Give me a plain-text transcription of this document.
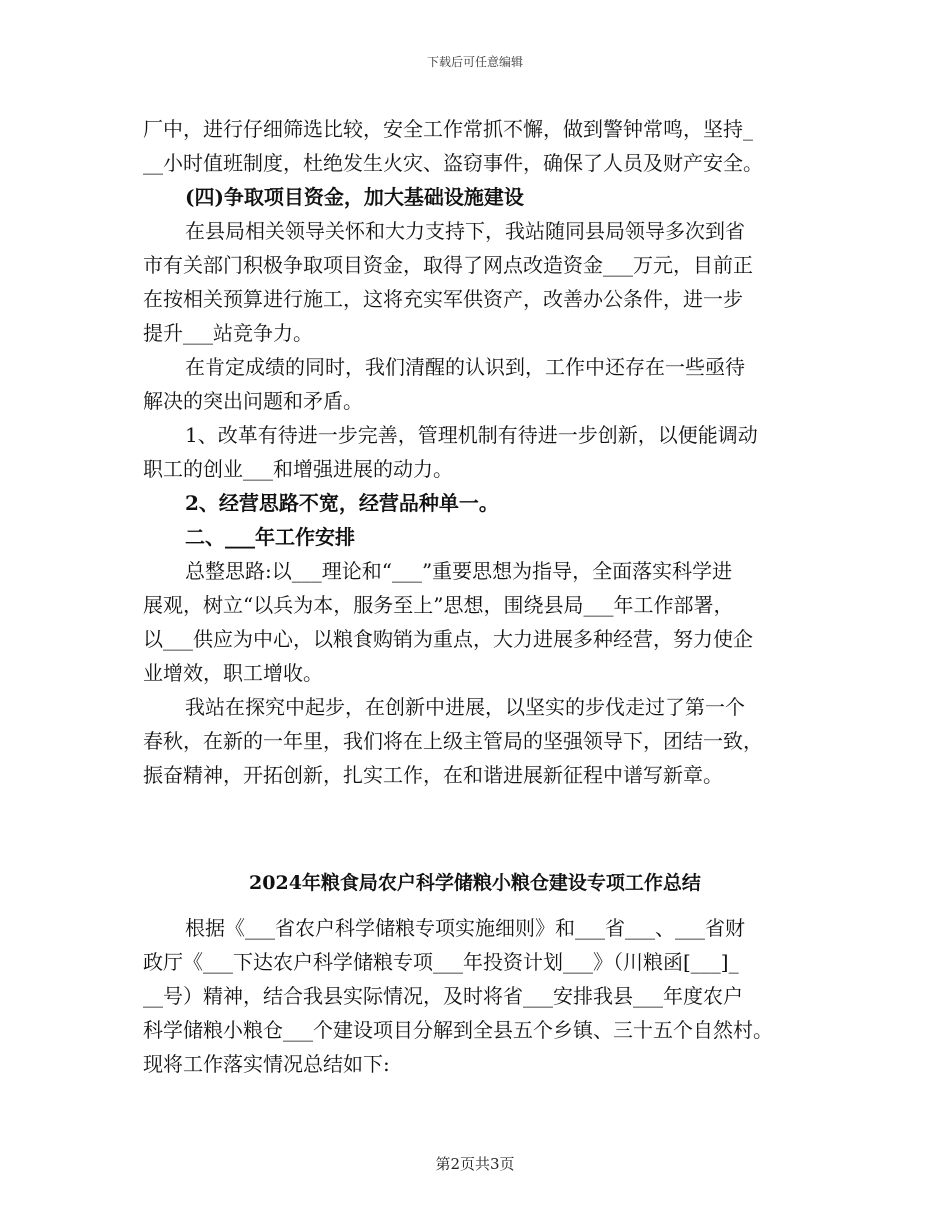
下载后可任意编辑
厂中，进行仔细筛选比较，安全工作常抓不懈，做到警钟常鸣，坚持_
__小时值班制度，杜绝发生火灾、盗窃事件，确保了人员及财产安全。
(四)争取项目资金，加大基础设施建设
在县局相关领导关怀和大力支持下，我站随同县局领导多次到省
市有关部门积极争取项目资金，取得了网点改造资金___万元，目前正
在按相关预算进行施工，这将充实军供资产，改善办公条件，进一步
提升___站竞争力。
在肯定成绩的同时，我们清醒的认识到，工作中还存在一些亟待
解决的突出问题和矛盾。
1、改革有待进一步完善，管理机制有待进一步创新，以便能调动
职工的创业___和增强进展的动力。
2、经营思路不宽，经营品种单一。
二、___年工作安排
总整思路:以___理论和“___”重要思想为指导，全面落实科学进
展观，树立“以兵为本，服务至上”思想，围绕县局___年工作部署，
以___供应为中心，以粮食购销为重点，大力进展多种经营，努力使企
业增效，职工增收。
我站在探究中起步，在创新中进展，以坚实的步伐走过了第一个
春秋，在新的一年里，我们将在上级主管局的坚强领导下，团结一致，
振奋精神，开拓创新，扎实工作，在和谐进展新征程中谱写新章。
2024年粮食局农户科学储粮小粮仓建设专项工作总结
根据《___省农户科学储粮专项实施细则》和___省___、___省财
政厅《___下达农户科学储粮专项___年投资计划___》（川粮函[___]_
__号）精神，结合我县实际情况，及时将省___安排我县___年度农户
科学储粮小粮仓___个建设项目分解到全县五个乡镇、三十五个自然村。
现将工作落实情况总结如下:
第2页共3页
